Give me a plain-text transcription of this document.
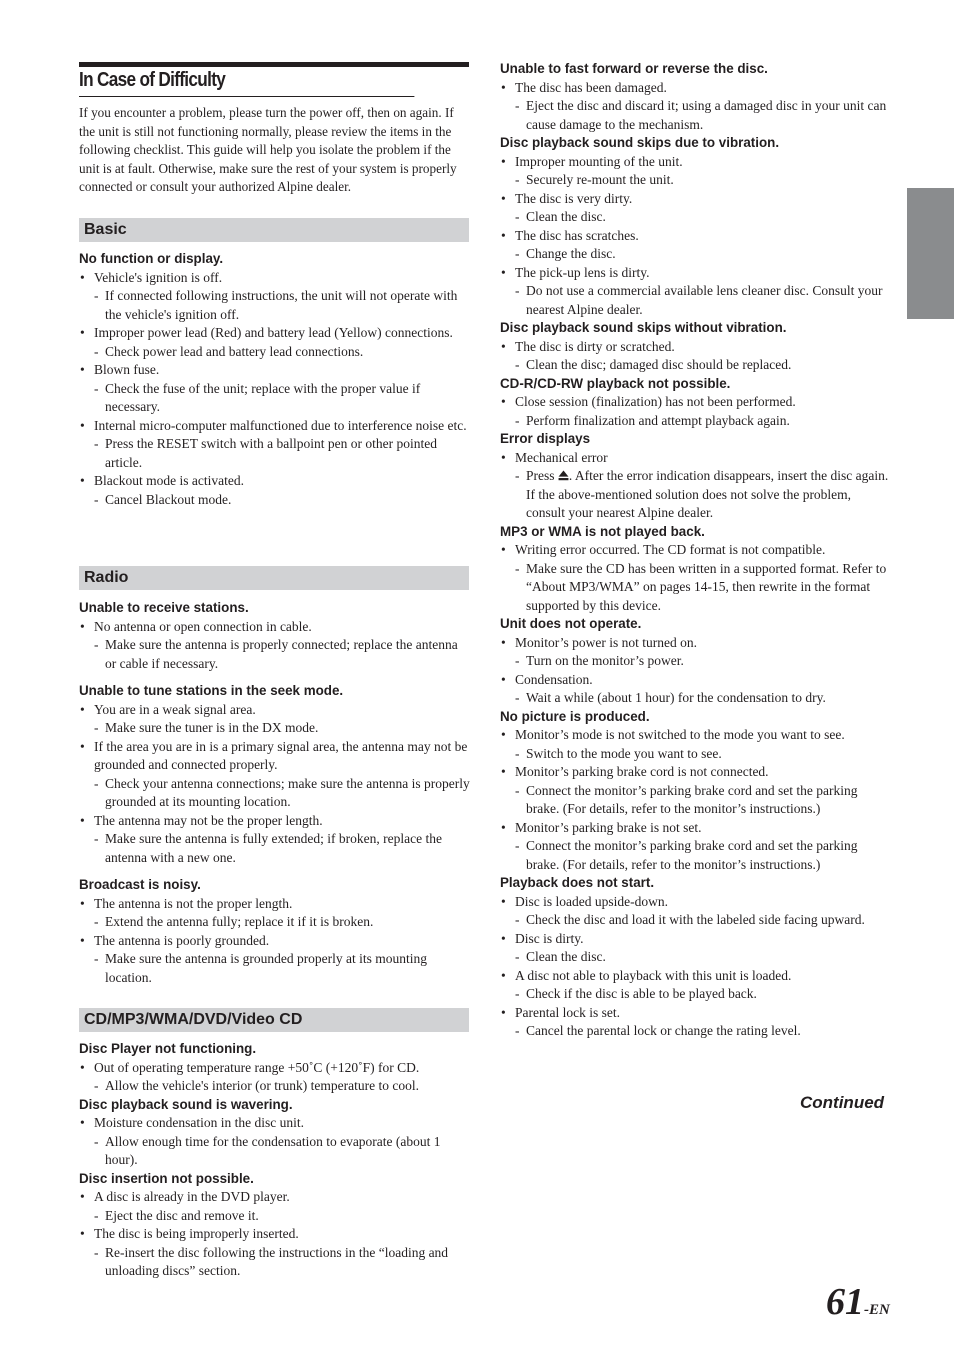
In Case of Difficulty
If you encounter a problem, please turn the power off, then on again. If the unit is still not functioning normally, please review the items in the following checklist. This guide will help you isolate the problem if the unit is at fault. Otherwise, make sure the rest of your system is properly connected or consult your authorized Alpine dealer.
Basic
No function or display.
• Vehicle's ignition is off.
- If connected following instructions, the unit will not operate with the vehicle's ignition off.
• Improper power lead (Red) and battery lead (Yellow) connections.
- Check power lead and battery lead connections.
• Blown fuse.
- Check the fuse of the unit; replace with the proper value if necessary.
• Internal micro-computer malfunctioned due to interference noise etc.
- Press the RESET switch with a ballpoint pen or other pointed article.
• Blackout mode is activated.
- Cancel Blackout mode.
Radio
Unable to receive stations.
• No antenna or open connection in cable.
- Make sure the antenna is properly connected; replace the antenna or cable if necessary.
Unable to tune stations in the seek mode.
• You are in a weak signal area.
- Make sure the tuner is in the DX mode.
• If the area you are in is a primary signal area, the antenna may not be grounded and connected properly.
- Check your antenna connections; make sure the antenna is properly grounded at its mounting location.
• The antenna may not be the proper length.
- Make sure the antenna is fully extended; if broken, replace the antenna with a new one.
Broadcast is noisy.
• The antenna is not the proper length.
- Extend the antenna fully; replace it if it is broken.
• The antenna is poorly grounded.
- Make sure the antenna is grounded properly at its mounting location.
CD/MP3/WMA/DVD/Video CD
Disc Player not functioning.
• Out of operating temperature range +50˚C (+120˚F) for CD.
- Allow the vehicle's interior (or trunk) temperature to cool.
Disc playback sound is wavering.
• Moisture condensation in the disc unit.
- Allow enough time for the condensation to evaporate (about 1 hour).
Disc insertion not possible.
• A disc is already in the DVD player.
- Eject the disc and remove it.
• The disc is being improperly inserted.
- Re-insert the disc following the instructions in the “loading and unloading discs” section.
Unable to fast forward or reverse the disc.
• The disc has been damaged.
- Eject the disc and discard it; using a damaged disc in your unit can cause damage to the mechanism.
Disc playback sound skips due to vibration.
• Improper mounting of the unit.
- Securely re-mount the unit.
• The disc is very dirty.
- Clean the disc.
• The disc has scratches.
- Change the disc.
• The pick-up lens is dirty.
- Do not use a commercial available lens cleaner disc. Consult your nearest Alpine dealer.
Disc playback sound skips without vibration.
• The disc is dirty or scratched.
- Clean the disc; damaged disc should be replaced.
CD-R/CD-RW playback not possible.
• Close session (finalization) has not been performed.
- Perform finalization and attempt playback again.
Error displays
• Mechanical error
- Press . After the error indication disappears, insert the disc again. If the above-mentioned solution does not solve the problem, consult your nearest Alpine dealer.
MP3 or WMA is not played back.
• Writing error occurred. The CD format is not compatible.
- Make sure the CD has been written in a supported format. Refer to “About MP3/WMA” on pages 14-15, then rewrite in the format supported by this device.
Unit does not operate.
• Monitor’s power is not turned on.
- Turn on the monitor’s power.
• Condensation.
- Wait a while (about 1 hour) for the condensation to dry.
No picture is produced.
• Monitor’s mode is not switched to the mode you want to see.
- Switch to the mode you want to see.
• Monitor’s parking brake cord is not connected.
- Connect the monitor’s parking brake cord and set the parking brake. (For details, refer to the monitor’s instructions.)
• Monitor’s parking brake is not set.
- Connect the monitor’s parking brake cord and set the parking brake. (For details, refer to the monitor’s instructions.)
Playback does not start.
• Disc is loaded upside-down.
- Check the disc and load it with the labeled side facing upward.
• Disc is dirty.
- Clean the disc.
• A disc not able to playback with this unit is loaded.
- Check if the disc is able to be played back.
• Parental lock is set.
- Cancel the parental lock or change the rating level.
Continued
61-EN
